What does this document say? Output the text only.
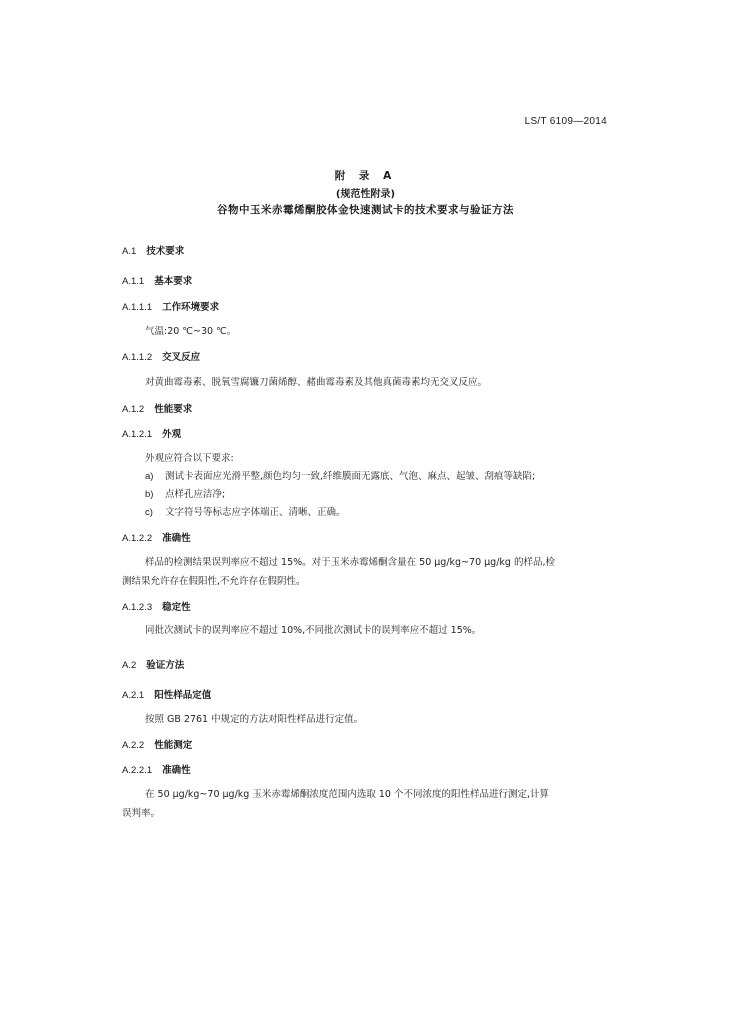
LS/T 6109—2014
附 录 A
(规范性附录)
谷物中玉米赤霉烯酮胶体金快速测试卡的技术要求与验证方法
A.1 技术要求
A.1.1 基本要求
A.1.1.1 工作环境要求
气温:20 ℃~30 ℃。
A.1.1.2 交叉反应
对黄曲霉毒素、脱氧雪腐镰刀菌烯醇、赭曲霉毒素及其他真菌毒素均无交叉反应。
A.1.2 性能要求
A.1.2.1 外观
外观应符合以下要求:
a) 测试卡表面应光滑平整,颜色均匀一致,纤维膜面无露底、气泡、麻点、起皱、刮痕等缺陷;
b) 点样孔应洁净;
c) 文字符号等标志应字体端正、清晰、正确。
A.1.2.2 准确性
样品的检测结果误判率应不超过 15%。对于玉米赤霉烯酮含量在 50 μg/kg~70 μg/kg 的样品,检
测结果允许存在假阳性,不允许存在假阴性。
A.1.2.3 稳定性
同批次测试卡的误判率应不超过 10%,不同批次测试卡的误判率应不超过 15%。
A.2 验证方法
A.2.1 阳性样品定值
按照 GB 2761 中规定的方法对阳性样品进行定值。
A.2.2 性能测定
A.2.2.1 准确性
在 50 μg/kg~70 μg/kg 玉米赤霉烯酮浓度范围内选取 10 个不同浓度的阳性样品进行测定,计算
误判率。
